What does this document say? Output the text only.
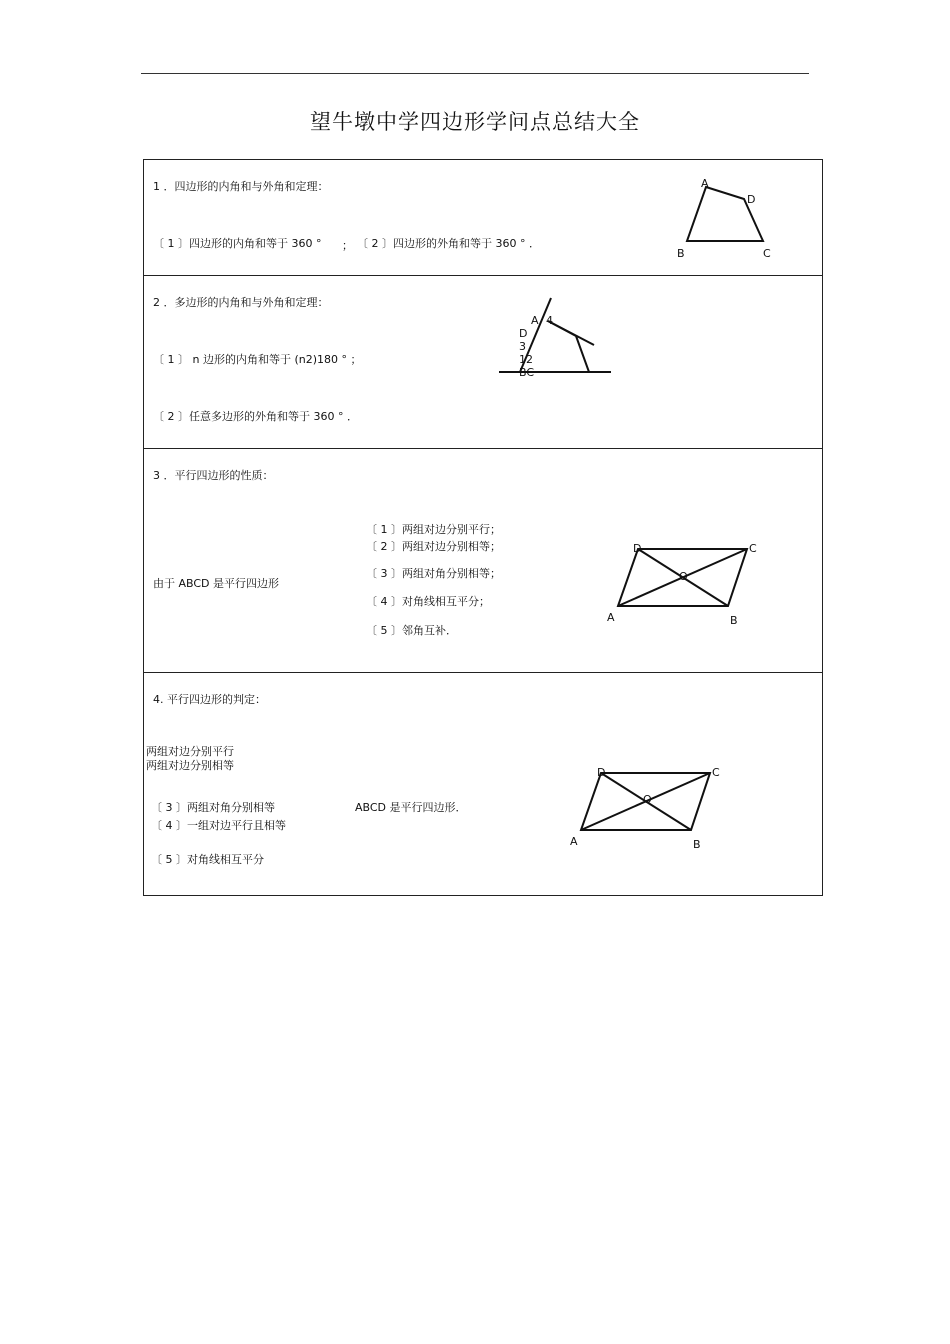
望牛墩中学四边形学问点总结大全
1 ．四边形的内角和与外角和定理：
〔 1 〕四边形的内角和等于 360 ° ； 〔 2 〕四边形的外角和等于 360 ° ．
A
D
B	C
2 ．多边形的内角和与外角和定理：
〔 1 〕 n 边形的内角和等于 (n2)180 ° ；
〔 2 〕任意多边形的外角和等于 360 ° ．
A 4
D
3
12
BC
3 ．平行四边形的性质：
由于 ABCD 是平行四边形
〔 1 〕两组对边分别平行；
〔 2 〕两组对边分别相等；
〔 3 〕两组对角分别相等；
〔 4 〕对角线相互平分；
〔 5 〕邻角互补．
D	C
O
A	B
4. 平行四边形的判定：
两组对边分别平行
两组对边分别相等
〔 3 〕两组对角分别相等
〔 4 〕一组对边平行且相等
〔 5 〕对角线相互平分
ABCD 是平行四边形．
D	C
O
A	B
